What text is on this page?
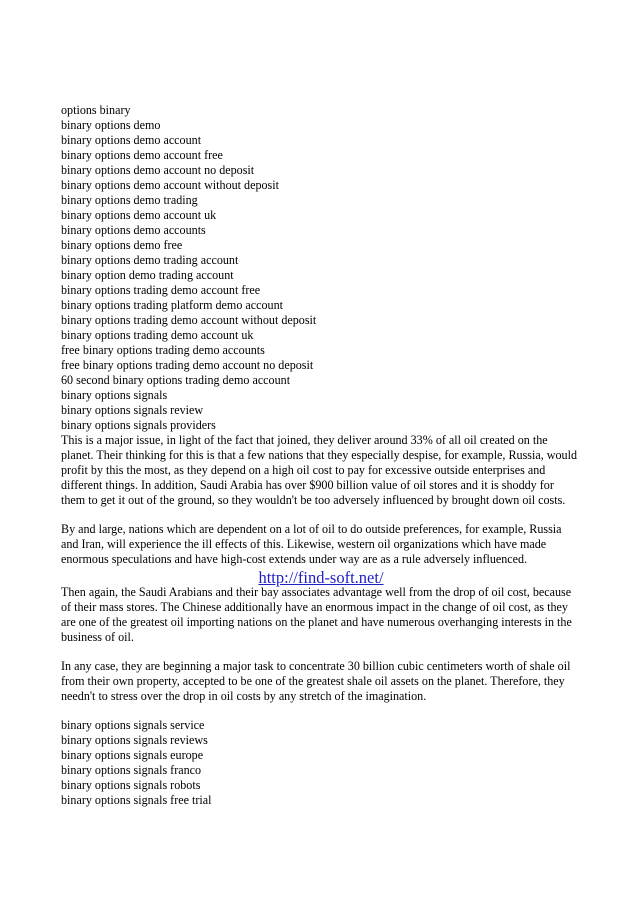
options binary
binary options demo
binary options demo account
binary options demo account free
binary options demo account no deposit
binary options demo account without deposit
binary options demo trading
binary options demo account uk
binary options demo accounts
binary options demo free
binary options demo trading account
binary option demo trading account
binary options trading demo account free
binary options trading platform demo account
binary options trading demo account without deposit
binary options trading demo account uk
free binary options trading demo accounts
free binary options trading demo account no deposit
60 second binary options trading demo account
binary options signals
binary options signals review
binary options signals providers

This is a major issue, in light of the fact that joined, they deliver around 33% of all oil created on the planet. Their thinking for this is that a few nations that they especially despise, for example, Russia, would profit by this the most, as they depend on a high oil cost to pay for excessive outside enterprises and different things. In addition, Saudi Arabia has over $900 billion value of oil stores and it is shoddy for them to get it out of the ground, so they wouldn't be too adversely influenced by brought down oil costs.

By and large, nations which are dependent on a lot of oil to do outside preferences, for example, Russia and Iran, will experience the ill effects of this. Likewise, western oil organizations which have made enormous speculations and have high-cost extends under way are as a rule adversely influenced.

http://find-soft.net/

Then again, the Saudi Arabians and their bay associates advantage well from the drop of oil cost, because of their mass stores. The Chinese additionally have an enormous impact in the change of oil cost, as they are one of the greatest oil importing nations on the planet and have numerous overhanging interests in the business of oil.

In any case, they are beginning a major task to concentrate 30 billion cubic centimeters worth of shale oil from their own property, accepted to be one of the greatest shale oil assets on the planet. Therefore, they needn't to stress over the drop in oil costs by any stretch of the imagination.

binary options signals service
binary options signals reviews
binary options signals europe
binary options signals franco
binary options signals robots
binary options signals free trial
